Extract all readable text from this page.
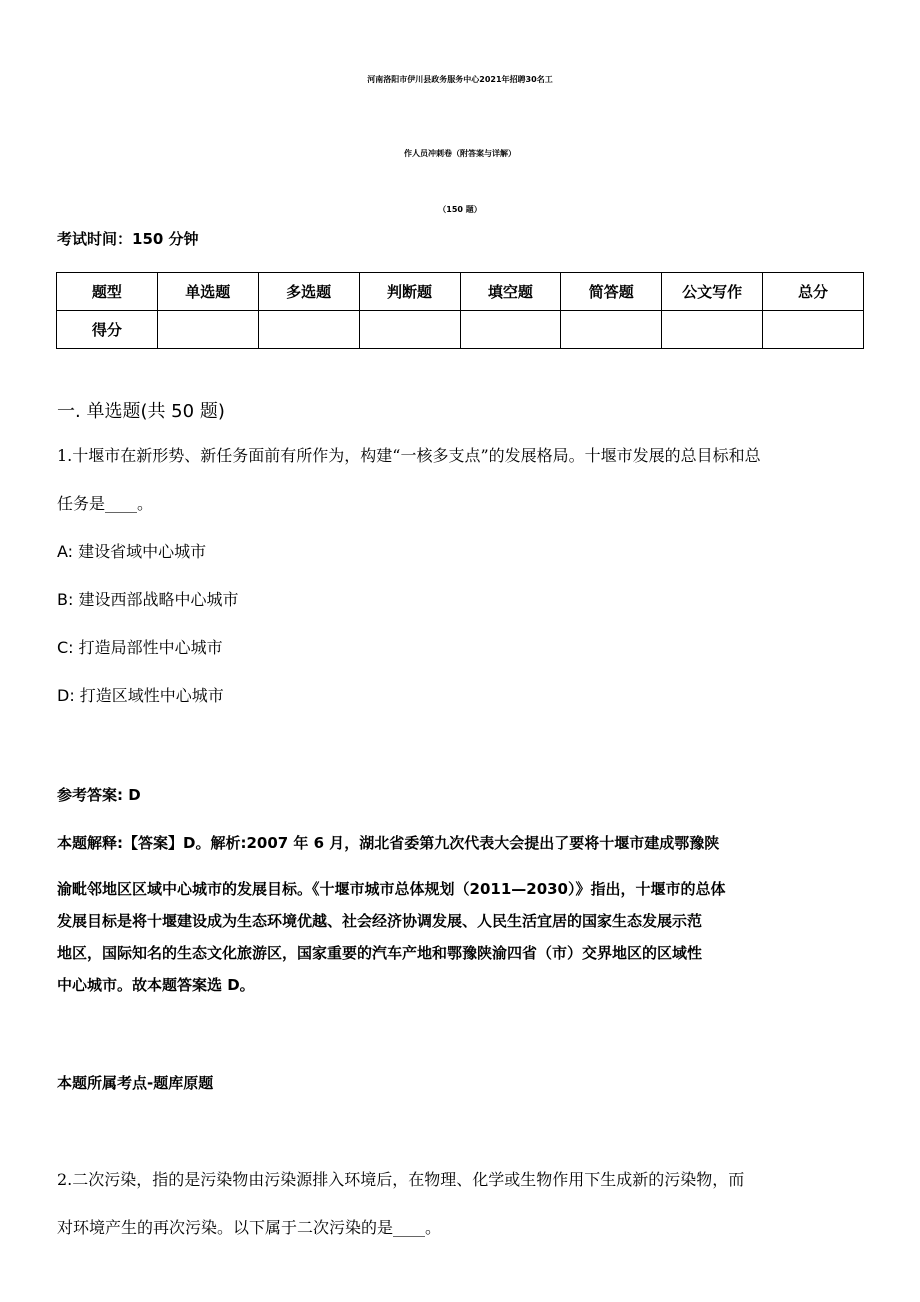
河南洛阳市伊川县政务服务中心2021年招聘30名工
作人员冲刺卷（附答案与详解）
（150 题）
考试时间：150 分钟
题型	单选题	多选题	判断题	填空题	简答题	公文写作	总分
得分							
一. 单选题(共 50 题)
1.十堰市在新形势、新任务面前有所作为，构建“一核多支点”的发展格局。十堰市发展的总目标和总
任务是____。
A: 建设省域中心城市
B: 建设西部战略中心城市
C: 打造局部性中心城市
D: 打造区域性中心城市
参考答案: D
本题解释:【答案】D。解析:2007 年 6 月，湖北省委第九次代表大会提出了要将十堰市建成鄂豫陕
渝毗邻地区区域中心城市的发展目标。《十堰市城市总体规划（2011—2030）》指出，十堰市的总体
发展目标是将十堰建设成为生态环境优越、社会经济协调发展、人民生活宜居的国家生态发展示范
地区，国际知名的生态文化旅游区，国家重要的汽车产地和鄂豫陕渝四省（市）交界地区的区域性
中心城市。故本题答案选 D。
本题所属考点-题库原题
2.二次污染，指的是污染物由污染源排入环境后，在物理、化学或生物作用下生成新的污染物，而
对环境产生的再次污染。以下属于二次污染的是____。
